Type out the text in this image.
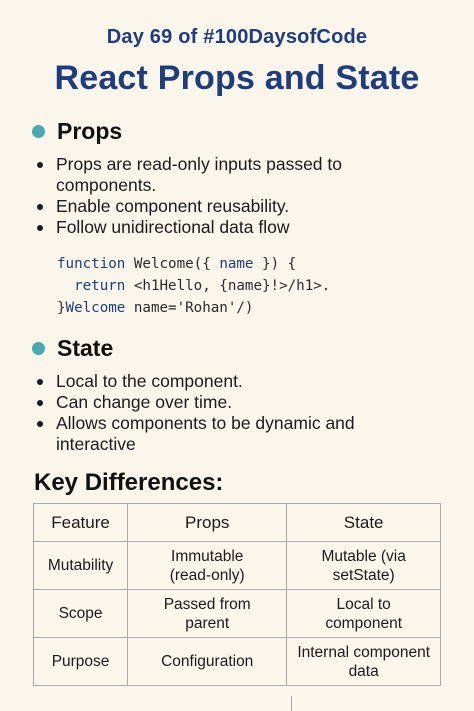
Day 69 of #100DaysofCode
React Props and State
Props
Props are read-only inputs passed to components.
Enable component reusability.
Follow unidirectional data flow
function Welcome({ name }) {
return <h1Hello, {name}!>/h1>.
}Welcome name='Rohan'/)
State
Local to the component.
Can change over time.
Allows components to be dynamic and interactive
Key Differences:
Feature	Props	State
Mutability	Immutable (read-only)	Mutable (via setState)
Scope	Passed from parent	Local to component
Purpose	Configuration	Internal component data
